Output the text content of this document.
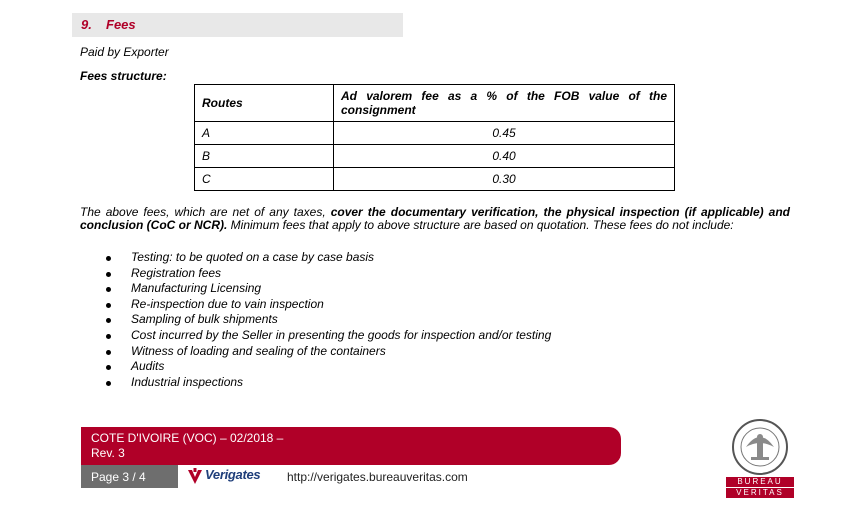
9. Fees
Paid by Exporter
Fees structure:
Routes	Ad valorem fee as a % of the FOB value of the consignment
A	0.45
B	0.40
C	0.30
The above fees, which are net of any taxes, cover the documentary verification, the physical inspection (if applicable) and conclusion (CoC or NCR). Minimum fees that apply to above structure are based on quotation. These fees do not include:
Testing: to be quoted on a case by case basis
Registration fees
Manufacturing Licensing
Re-inspection due to vain inspection
Sampling of bulk shipments
Cost incurred by the Seller in presenting the goods for inspection and/or testing
Witness of loading and sealing of the containers
Audits
Industrial inspections
COTE D'IVOIRE (VOC) – 02/2018 –
Rev. 3
Page 3 / 4	Verigates http://verigates.bureauveritas.com	BUREAU
VERITAS
